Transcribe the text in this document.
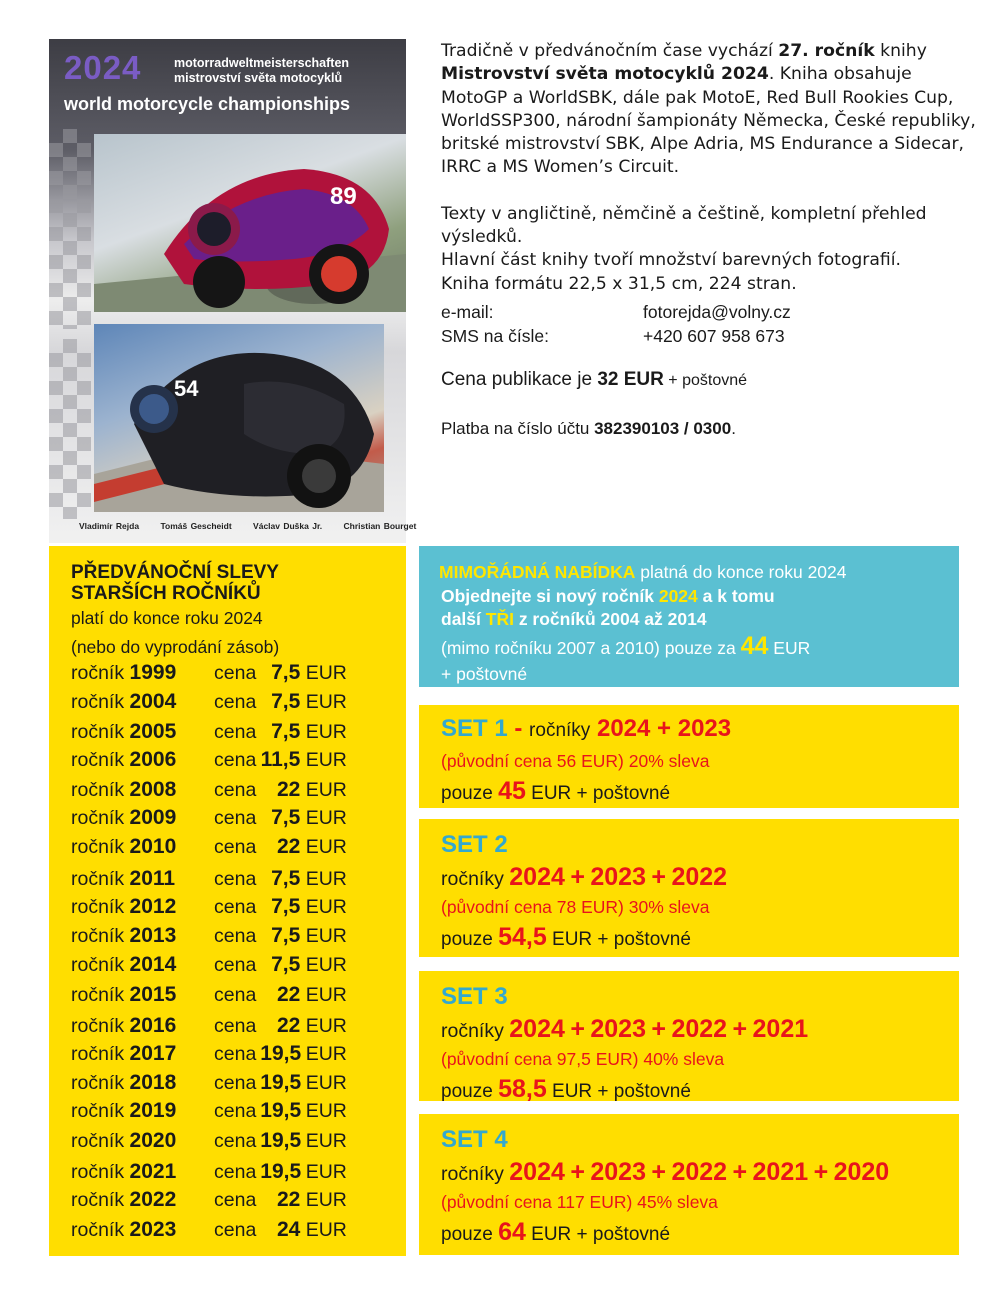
2024	motorradweltmeisterschaften
mistrovství světa motocyklů
world motorcycle championships
89
54
Vladimír Rejda	Tomáš Gescheidt	Václav Duška Jr.	Christian Bourget

Tradičně v předvánočním čase vychází 27. ročník knihy Mistrovství světa motocyklů 2024. Kniha obsahuje MotoGP a WorldSBK, dále pak MotoE, Red Bull Rookies Cup, WorldSSP300, národní šampionáty Německa, České republiky, britské mistrovství SBK, Alpe Adria, MS Endurance a Sidecar, IRRC a MS Women’s Circuit.

Texty v angličtině, němčině a češtině, kompletní přehled výsledků.

Hlavní část knihy tvoří množství barevných fotografií.

Kniha formátu 22,5 x 31,5 cm, 224 stran.

e-mail:	fotorejda@volny.cz
SMS na čísle:	+420 607 958 673
Cena publikace je 32 EUR + poštovné
Platba na číslo účtu 382390103 / 0300.
PŘEDVÁNOČNÍ SLEVY
STARŠÍCH ROČNÍKŮ
platí do konce roku 2024
(nebo do vyprodání zásob)
ročník 1999 cena 7,5 EUR
ročník 2004 cena 7,5 EUR
ročník 2005 cena 7,5 EUR
ročník 2006 cena 11,5 EUR
ročník 2008 cena 22 EUR
ročník 2009 cena 7,5 EUR
ročník 2010 cena 22 EUR
ročník 2011 cena 7,5 EUR
ročník 2012 cena 7,5 EUR
ročník 2013 cena 7,5 EUR
ročník 2014 cena 7,5 EUR
ročník 2015 cena 22 EUR
ročník 2016 cena 22 EUR
ročník 2017 cena 19,5 EUR
ročník 2018 cena 19,5 EUR
ročník 2019 cena 19,5 EUR
ročník 2020 cena 19,5 EUR
ročník 2021 cena 19,5 EUR
ročník 2022 cena 22 EUR
ročník 2023 cena 24 EUR
MIMOŘÁDNÁ NABÍDKA platná do konce roku 2024
Objednejte si nový ročník 2024 a k tomu
další TŘI z ročníků 2004 až 2014
(mimo ročníku 2007 a 2010) pouze za 44 EUR
+ poštovné
SET 1 - ročníky 2024 + 2023
(původní cena 56 EUR) 20% sleva
pouze 45 EUR + poštovné
SET 2
ročníky 2024 + 2023 + 2022
(původní cena 78 EUR) 30% sleva
pouze 54,5 EUR + poštovné
SET 3
ročníky 2024 + 2023 + 2022 + 2021
(původní cena 97,5 EUR) 40% sleva
pouze 58,5 EUR + poštovné
SET 4
ročníky 2024 + 2023 + 2022 + 2021 + 2020
(původní cena 117 EUR) 45% sleva
pouze 64 EUR + poštovné
